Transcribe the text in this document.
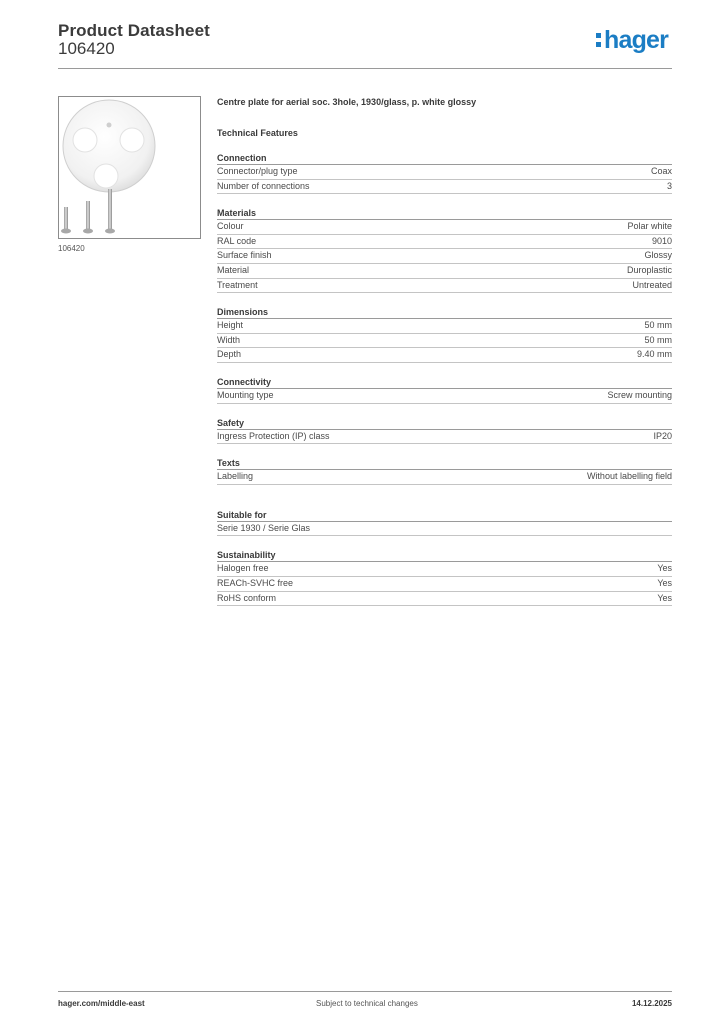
Product Datasheet
106420	hager
106420
Centre plate for aerial soc. 3hole, 1930/glass, p. white glossy
Technical Features
Connection
Connector/plug type	Coax
Number of connections	3
Materials
Colour	Polar white
RAL code	9010
Surface finish	Glossy
Material	Duroplastic
Treatment	Untreated
Dimensions
Height	50 mm
Width	50 mm
Depth	9.40 mm
Connectivity
Mounting type	Screw mounting
Safety
Ingress Protection (IP) class	IP20
Texts
Labelling	Without labelling field
Suitable for
Serie 1930 / Serie Glas
Sustainability
Halogen free	Yes
REACh-SVHC free	Yes
RoHS conform	Yes
hager.com/middle-east	Subject to technical changes	14.12.2025
